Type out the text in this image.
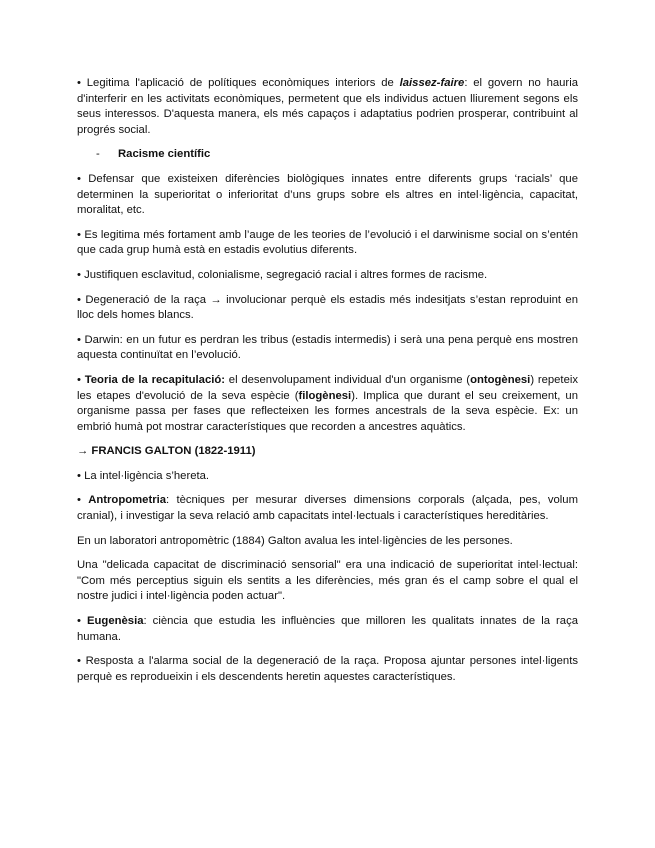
• Legitima l'aplicació de polítiques econòmiques interiors de laissez-faire: el govern no hauria d'interferir en les activitats econòmiques, permetent que els individus actuen lliurement segons els seus interessos. D'aquesta manera, els més capaços i adaptatius podrien prosperar, contribuint al progrés social.

- Racisme científic

• Defensar que existeixen diferències biològiques innates entre diferents grups ‘racials’ que determinen la superioritat o inferioritat d’uns grups sobre els altres en intel·ligència, capacitat, moralitat, etc.

• Es legitima més fortament amb l’auge de les teories de l’evolució i el darwinisme social on s’entén que cada grup humà està en estadis evolutius diferents.

• Justifiquen esclavitud, colonialisme, segregació racial i altres formes de racisme.

• Degeneració de la raça → involucionar perquè els estadis més indesitjats s’estan reproduint en lloc dels homes blancs.

• Darwin: en un futur es perdran les tribus (estadis intermedis) i serà una pena perquè ens mostren aquesta continuïtat en l’evolució.

• Teoria de la recapitulació: el desenvolupament individual d'un organisme (ontogènesi) repeteix les etapes d'evolució de la seva espècie (filogènesi). Implica que durant el seu creixement, un organisme passa per fases que reflecteixen les formes ancestrals de la seva espècie. Ex: un embrió humà pot mostrar característiques que recorden a ancestres aquàtics.

→ FRANCIS GALTON (1822-1911)

• La intel·ligència s’hereta.

• Antropometria: tècniques per mesurar diverses dimensions corporals (alçada, pes, volum cranial), i investigar la seva relació amb capacitats intel·lectuals i característiques hereditàries.

En un laboratori antropomètric (1884) Galton avalua les intel·ligències de les persones.

Una "delicada capacitat de discriminació sensorial" era una indicació de superioritat intel·lectual: "Com més perceptius siguin els sentits a les diferències, més gran és el camp sobre el qual el nostre judici i intel·ligència poden actuar".

• Eugenèsia: ciència que estudia les influències que milloren les qualitats innates de la raça humana.

• Resposta a l'alarma social de la degeneració de la raça. Proposa ajuntar persones intel·ligents perquè es reprodueixin i els descendents heretin aquestes característiques.
